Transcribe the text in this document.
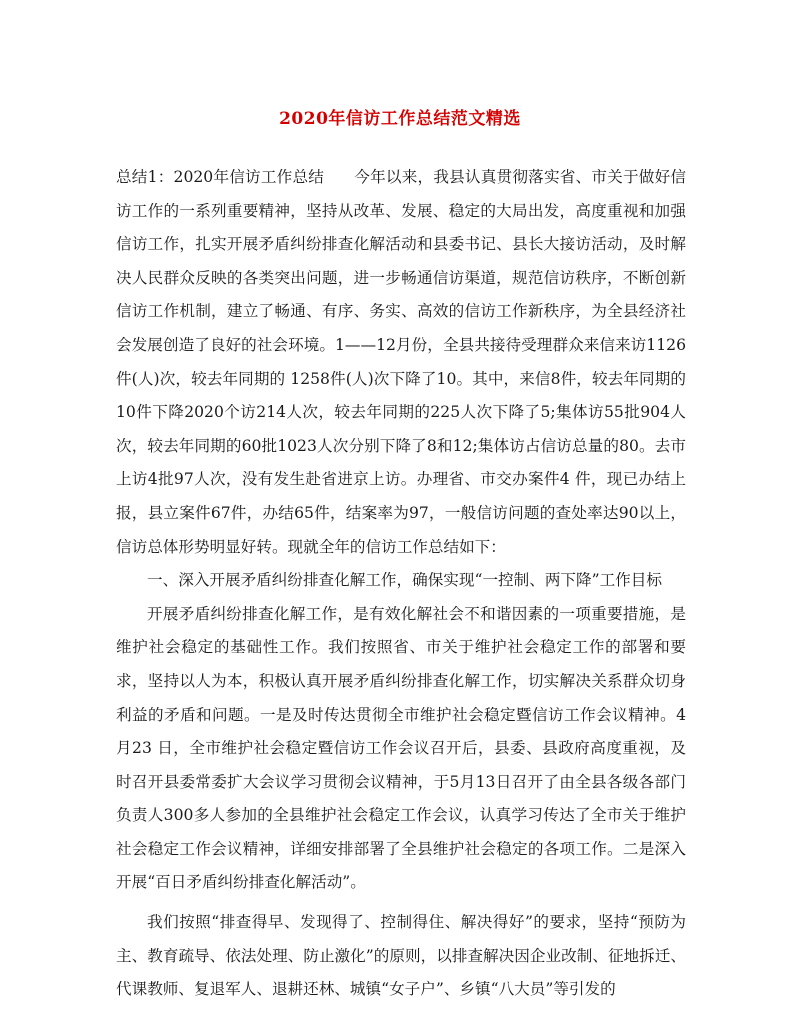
2020年信访工作总结范文精选

总结1：2020年信访工作总结 今年以来，我县认真贯彻落实省、市关于做好信访工作的一系列重要精神，坚持从改革、发展、稳定的大局出发，高度重视和加强信访工作，扎实开展矛盾纠纷排查化解活动和县委书记、县长大接访活动，及时解决人民群众反映的各类突出问题，进一步畅通信访渠道，规范信访秩序，不断创新信访工作机制，建立了畅通、有序、务实、高效的信访工作新秩序，为全县经济社会发展创造了良好的社会环境。1——12月份，全县共接待受理群众来信来访1126件(人)次，较去年同期的 1258件(人)次下降了10。其中，来信8件，较去年同期的10件下降2020个访214人次，较去年同期的225人次下降了5;集体访55批904人次，较去年同期的60批1023人次分别下降了8和12;集体访占信访总量的80。去市上访4批97人次，没有发生赴省进京上访。办理省、市交办案件4 件，现已办结上报，县立案件67件，办结65件，结案率为97，一般信访问题的查处率达90以上，信访总体形势明显好转。现就全年的信访工作总结如下：

一、深入开展矛盾纠纷排查化解工作，确保实现“一控制、两下降”工作目标

开展矛盾纠纷排查化解工作，是有效化解社会不和谐因素的一项重要措施，是维护社会稳定的基础性工作。我们按照省、市关于维护社会稳定工作的部署和要求，坚持以人为本，积极认真开展矛盾纠纷排查化解工作，切实解决关系群众切身利益的矛盾和问题。一是及时传达贯彻全市维护社会稳定暨信访工作会议精神。4月23 日，全市维护社会稳定暨信访工作会议召开后，县委、县政府高度重视，及时召开县委常委扩大会议学习贯彻会议精神，于5月13日召开了由全县各级各部门负责人300多人参加的全县维护社会稳定工作会议，认真学习传达了全市关于维护社会稳定工作会议精神，详细安排部署了全县维护社会稳定的各项工作。二是深入开展“百日矛盾纠纷排查化解活动”。

我们按照“排查得早、发现得了、控制得住、解决得好”的要求，坚持“预防为主、教育疏导、依法处理、防止激化”的原则，以排查解决因企业改制、征地拆迁、代课教师、复退军人、退耕还林、城镇“女子户”、乡镇“八大员”等引发的
